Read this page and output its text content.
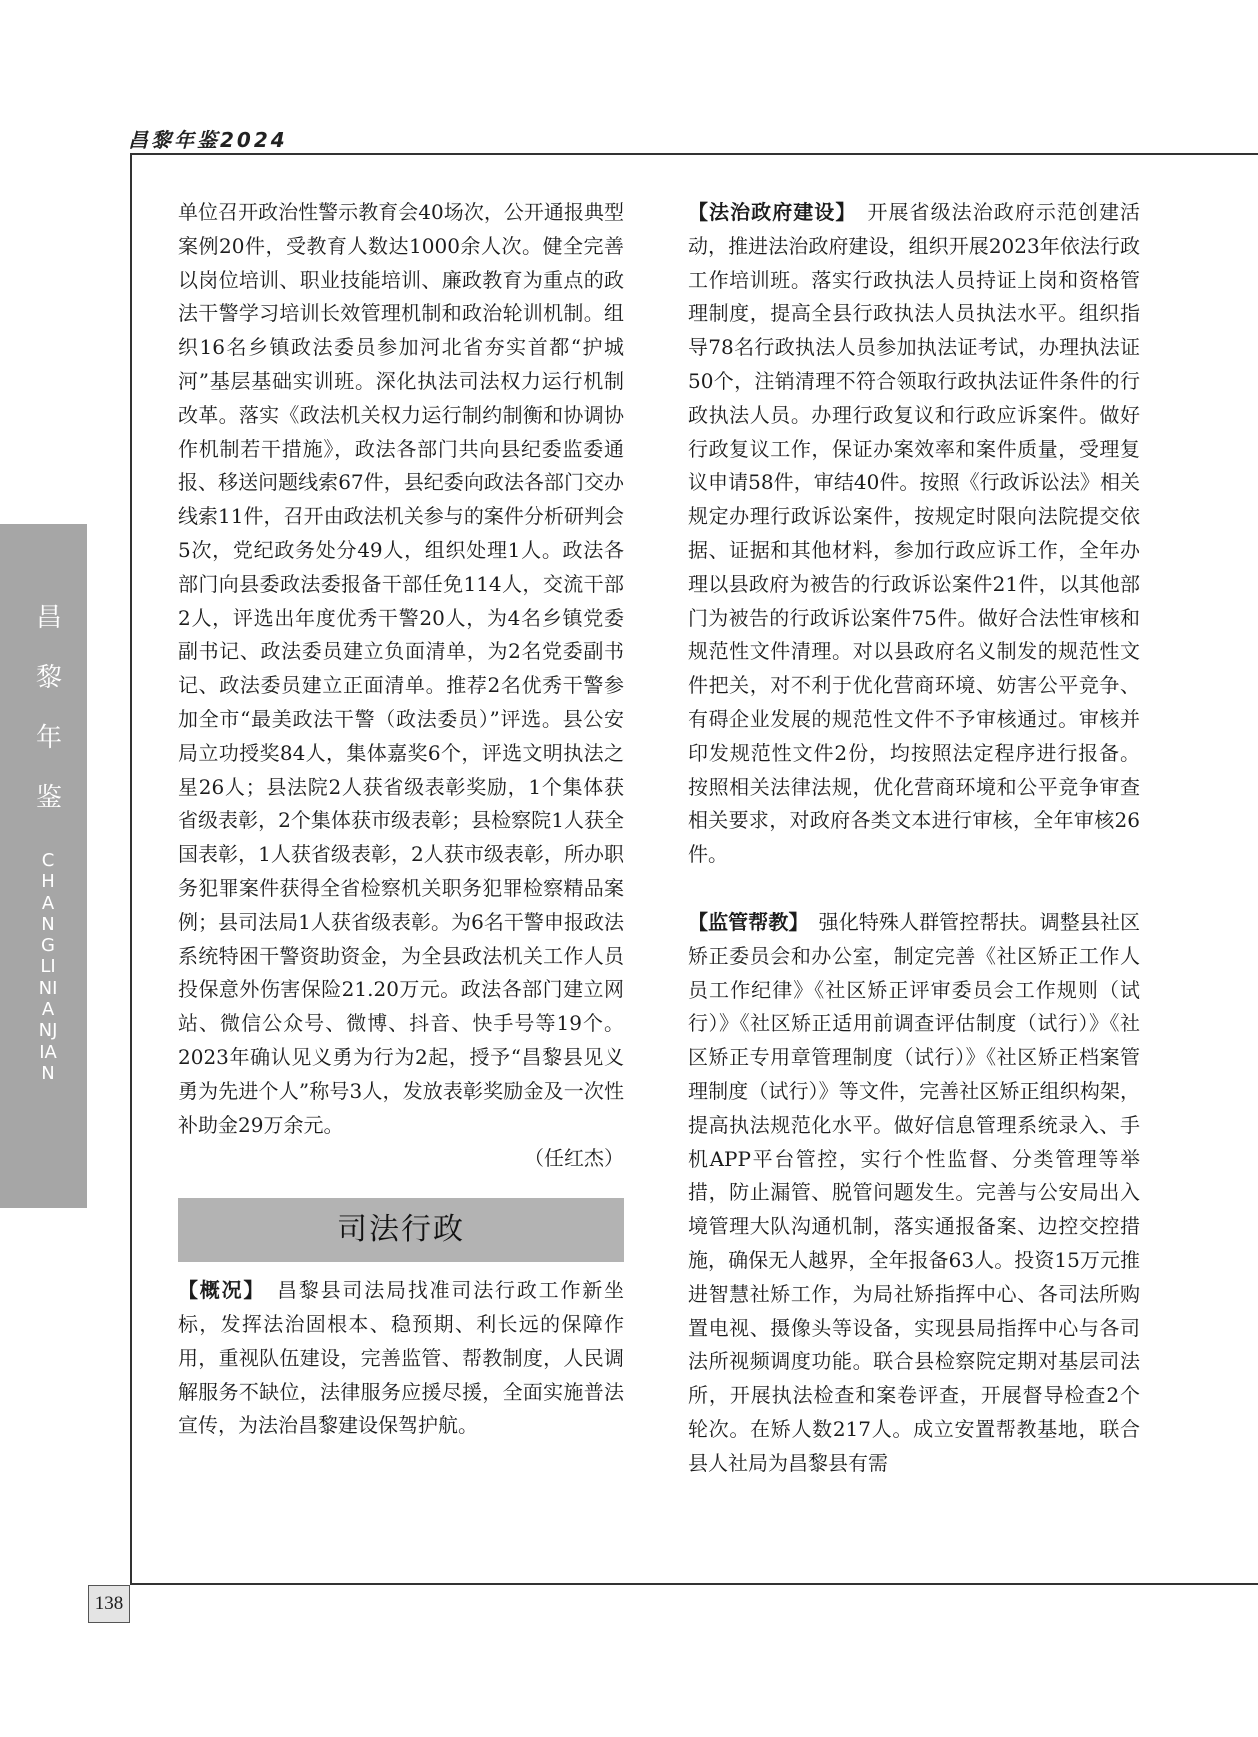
昌黎年鉴2024
昌
黎
年
鉴
CHANGLINIANJIAN
138

单位召开政治性警示教育会40场次，公开通报典型案例20件，受教育人数达1000余人次。健全完善以岗位培训、职业技能培训、廉政教育为重点的政法干警学习培训长效管理机制和政治轮训机制。组织16名乡镇政法委员参加河北省夯实首都“护城河”基层基础实训班。深化执法司法权力运行机制改革。落实《政法机关权力运行制约制衡和协调协作机制若干措施》，政法各部门共向县纪委监委通报、移送问题线索67件，县纪委向政法各部门交办线索11件，召开由政法机关参与的案件分析研判会5次，党纪政务处分49人，组织处理1人。政法各部门向县委政法委报备干部任免114人，交流干部2人，评选出年度优秀干警20人，为4名乡镇党委副书记、政法委员建立负面清单，为2名党委副书记、政法委员建立正面清单。推荐2名优秀干警参加全市“最美政法干警（政法委员）”评选。县公安局立功授奖84人，集体嘉奖6个，评选文明执法之星26人；县法院2人获省级表彰奖励，1个集体获省级表彰，2个集体获市级表彰；县检察院1人获全国表彰，1人获省级表彰，2人获市级表彰，所办职务犯罪案件获得全省检察机关职务犯罪检察精品案例；县司法局1人获省级表彰。为6名干警申报政法系统特困干警资助资金，为全县政法机关工作人员投保意外伤害保险21.20万元。政法各部门建立网站、微信公众号、微博、抖音、快手号等19个。2023年确认见义勇为行为2起，授予“昌黎县见义勇为先进个人”称号3人，发放表彰奖励金及一次性补助金29万余元。

（任红杰）

司法行政

【概况】　 昌黎县司法局找准司法行政工作新坐标，发挥法治固根本、稳预期、利长远的保障作用，重视队伍建设，完善监管、帮教制度，人民调解服务不缺位，法律服务应援尽援，全面实施普法宣传，为法治昌黎建设保驾护航。

【法治政府建设】　 开展省级法治政府示范创建活动，推进法治政府建设，组织开展2023年依法行政工作培训班。落实行政执法人员持证上岗和资格管理制度，提高全县行政执法人员执法水平。组织指导78名行政执法人员参加执法证考试，办理执法证50个，注销清理不符合领取行政执法证件条件的行政执法人员。办理行政复议和行政应诉案件。做好行政复议工作，保证办案效率和案件质量，受理复议申请58件，审结40件。按照《行政诉讼法》相关规定办理行政诉讼案件，按规定时限向法院提交依据、证据和其他材料，参加行政应诉工作，全年办理以县政府为被告的行政诉讼案件21件，以其他部门为被告的行政诉讼案件75件。做好合法性审核和规范性文件清理。对以县政府名义制发的规范性文件把关，对不利于优化营商环境、妨害公平竞争、有碍企业发展的规范性文件不予审核通过。审核并印发规范性文件2份，均按照法定程序进行报备。按照相关法律法规，优化营商环境和公平竞争审查相关要求，对政府各类文本进行审核，全年审核26件。

【监管帮教】　 强化特殊人群管控帮扶。调整县社区矫正委员会和办公室，制定完善《社区矫正工作人员工作纪律》《社区矫正评审委员会工作规则（试行）》《社区矫正适用前调查评估制度（试行）》《社区矫正专用章管理制度（试行）》《社区矫正档案管理制度（试行）》等文件，完善社区矫正组织构架，提高执法规范化水平。做好信息管理系统录入、手机APP平台管控，实行个性监督、分类管理等举措，防止漏管、脱管问题发生。完善与公安局出入境管理大队沟通机制，落实通报备案、边控交控措施，确保无人越界，全年报备63人。投资15万元推进智慧社矫工作，为局社矫指挥中心、各司法所购置电视、摄像头等设备，实现县局指挥中心与各司法所视频调度功能。联合县检察院定期对基层司法所，开展执法检查和案卷评查，开展督导检查2个轮次。在矫人数217人。成立安置帮教基地，联合县人社局为昌黎县有需
